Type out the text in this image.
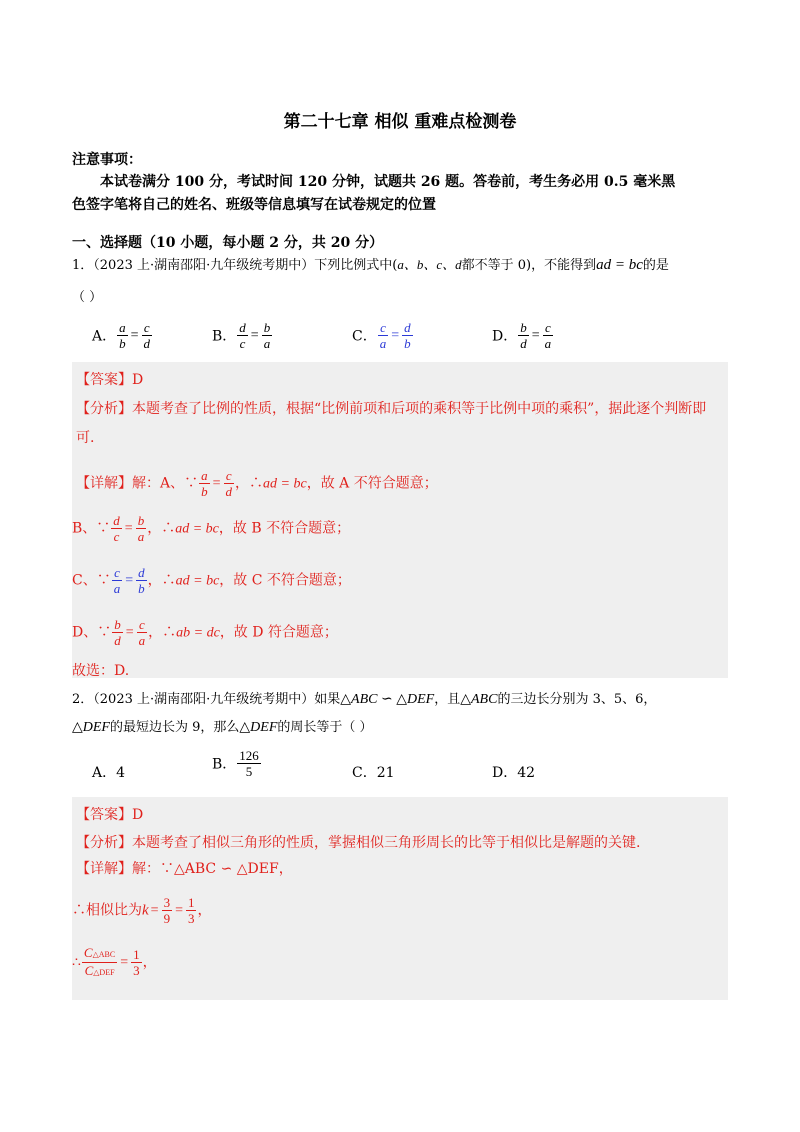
第二十七章 相似 重难点检测卷
注意事项：
本试卷满分 100 分，考试时间 120 分钟，试题共 26 题。答卷前，考生务必用 0.5 毫米黑
色签字笔将自己的姓名、班级等信息填写在试卷规定的位置
一、选择题（10 小题，每小题 2 分，共 20 分）
1．（2023 上·湖南邵阳·九年级统考期中）下列比例式中(a、b、c、d都不等于 0)，不能得到ad = bc的是
（ ）
A． $\frac{a}{b} = \frac{c}{d}$	B． $\frac{d}{c} = \frac{b}{a}$	C． $\frac{c}{a} = \frac{d}{b}$	D． $\frac{b}{d} = \frac{c}{a}$
【答案】D
【分析】本题考查了比例的性质，根据“比例前项和后项的乘积等于比例中项的乘积”，据此逐个判断即
可.
【详解】解：A、∵ $\frac{a}{b} = \frac{c}{d}$ ，∴ad = bc，故 A 不符合题意；
B、∵ $\frac{d}{c} = \frac{b}{a}$ ，∴ad = bc，故 B 不符合题意；
C、∵ $\frac{c}{a} = \frac{d}{b}$ ，∴ad = bc，故 C 不符合题意；
D、∵ $\frac{b}{d} = \frac{c}{a}$ ，∴ab = dc，故 D 符合题意；
故选：D.
2．（2023 上·湖南邵阳·九年级统考期中）如果△ABC ∽ △DEF，且△ABC的三边长分别为 3、5、6，
△DEF的最短边长为 9，那么△DEF的周长等于（ ）
A．4
B． $\frac{126}{5}$	C．21	D．42
【答案】D
【分析】本题考查了相似三角形的性质，掌握相似三角形周长的比等于相似比是解题的关键.
【详解】解：∵△ABC ∽ △DEF，
∴相似比为$k = \frac{3}{9} = \frac{1}{3}$ ，
∴ $\frac{\text{C△ABC}}{\text{C△DEF}} = \frac{1}{3}$ ，
